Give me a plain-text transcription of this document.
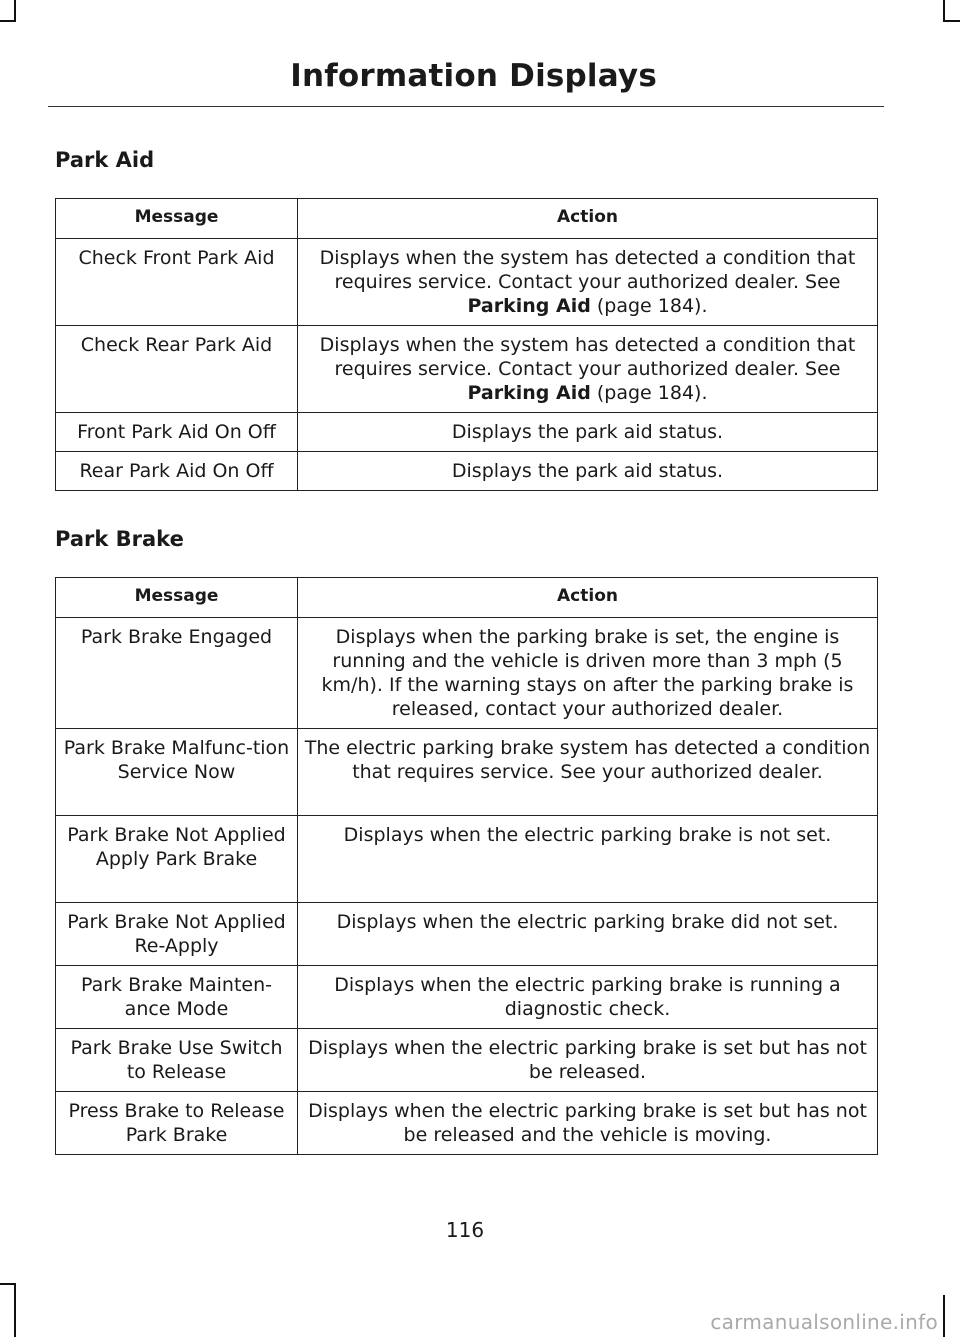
Information Displays
Park Aid
Message	Action
Check Front Park Aid	Displays when the system has detected a condition that requires service. Contact your authorized dealer. See Parking Aid (page 184).
Check Rear Park Aid	Displays when the system has detected a condition that requires service. Contact your authorized dealer. See Parking Aid (page 184).
Front Park Aid On Off	Displays the park aid status.
Rear Park Aid On Off	Displays the park aid status.
Park Brake
Message	Action
Park Brake Engaged	Displays when the parking brake is set, the engine is running and the vehicle is driven more than 3 mph (5 km/h). If the warning stays on after the parking brake is released, contact your authorized dealer.
Park Brake Malfunc-tion Service Now	The electric parking brake system has detected a condition that requires service. See your authorized dealer.
Park Brake Not Applied Apply Park Brake	Displays when the electric parking brake is not set.
Park Brake Not Applied Re-Apply	Displays when the electric parking brake did not set.
Park Brake Mainten-ance Mode	Displays when the electric parking brake is running a diagnostic check.
Park Brake Use Switch to Release	Displays when the electric parking brake is set but has not be released.
Press Brake to Release Park Brake	Displays when the electric parking brake is set but has not be released and the vehicle is moving.
116
carmanualsonline.info
